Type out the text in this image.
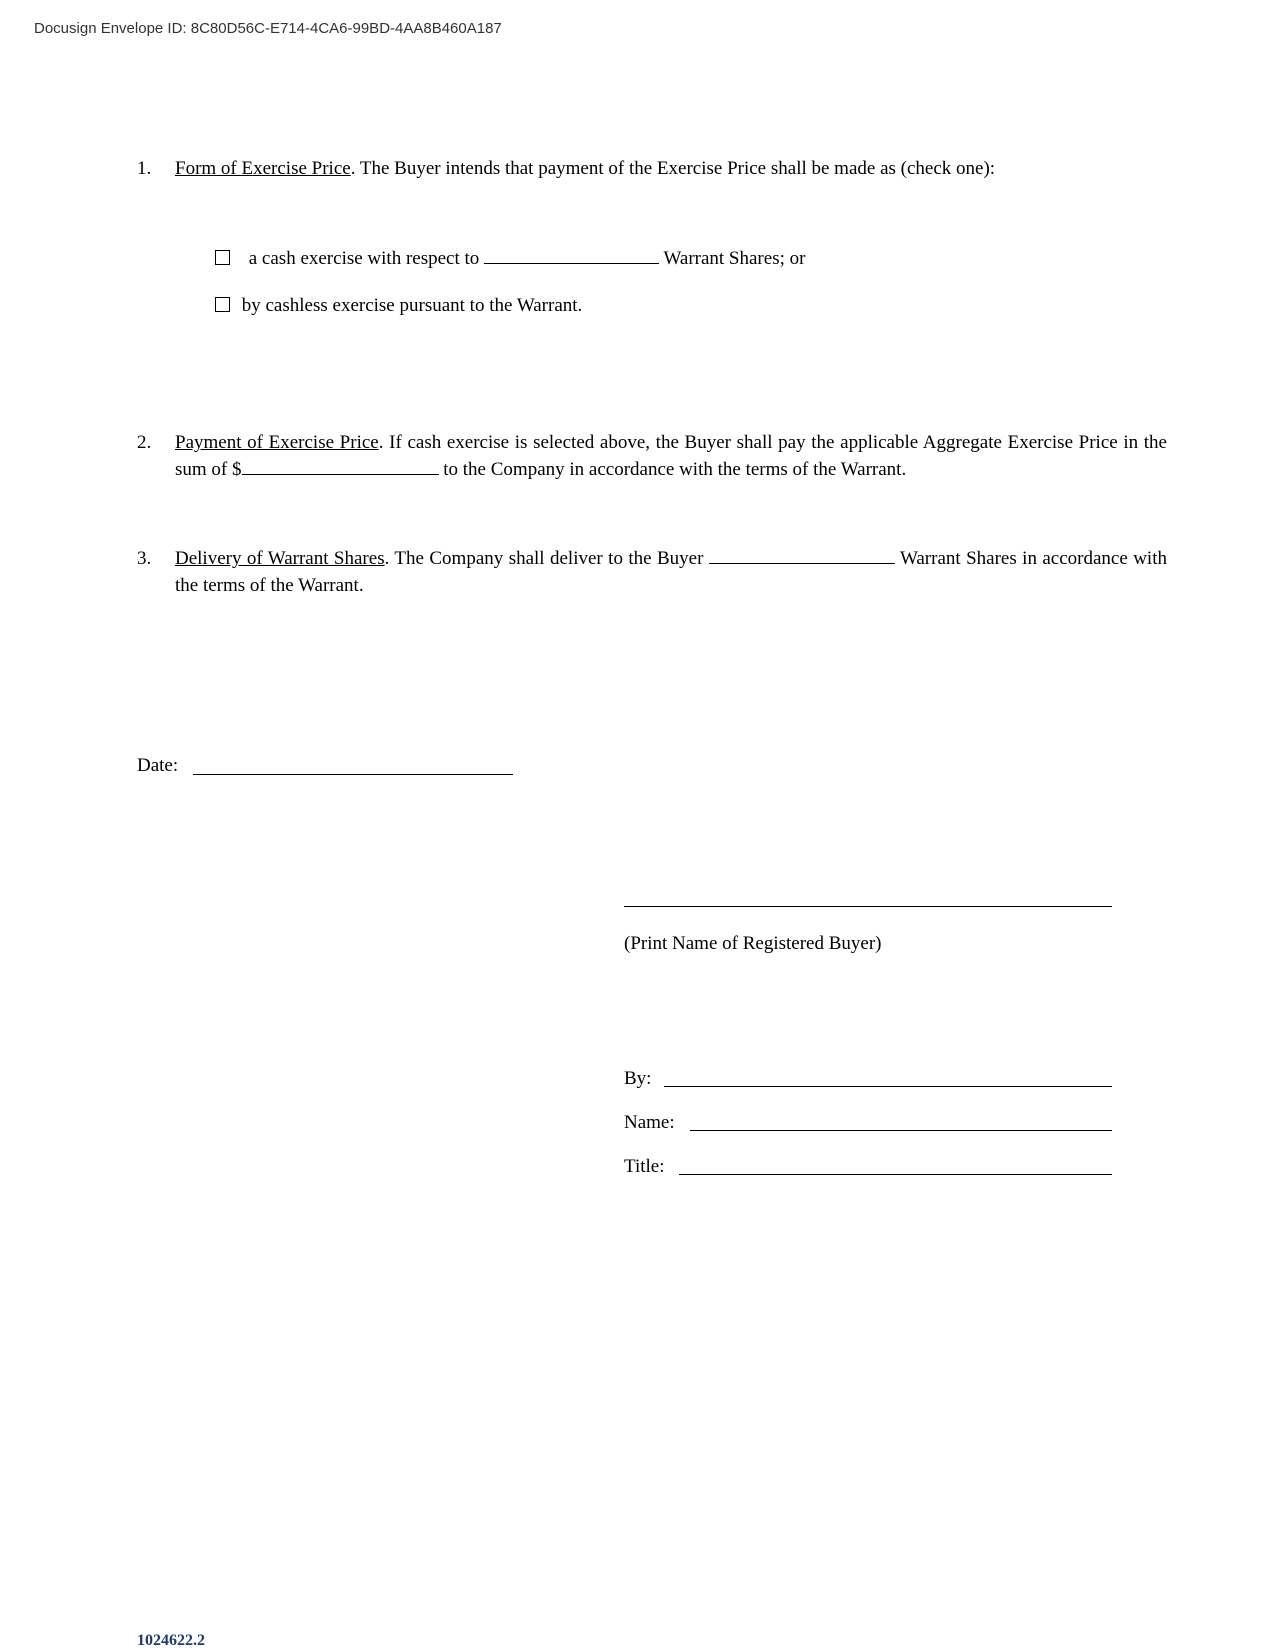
Docusign Envelope ID: 8C80D56C-E714-4CA6-99BD-4AA8B460A187
1.	Form of Exercise Price. The Buyer intends that payment of the Exercise Price shall be made as (check one):
a cash exercise with respect to	Warrant Shares; or
by cashless exercise pursuant to the Warrant.
2.	Payment of Exercise Price. If cash exercise is selected above, the Buyer shall pay the applicable Aggregate Exercise Price in the sum of $	to the Company in accordance with the terms of the Warrant.
3.	Delivery of Warrant Shares. The Company shall deliver to the Buyer	Warrant Shares in accordance with the terms of the Warrant.
Date:
(Print Name of Registered Buyer)
By:
Name:
Title:
1024622.2
